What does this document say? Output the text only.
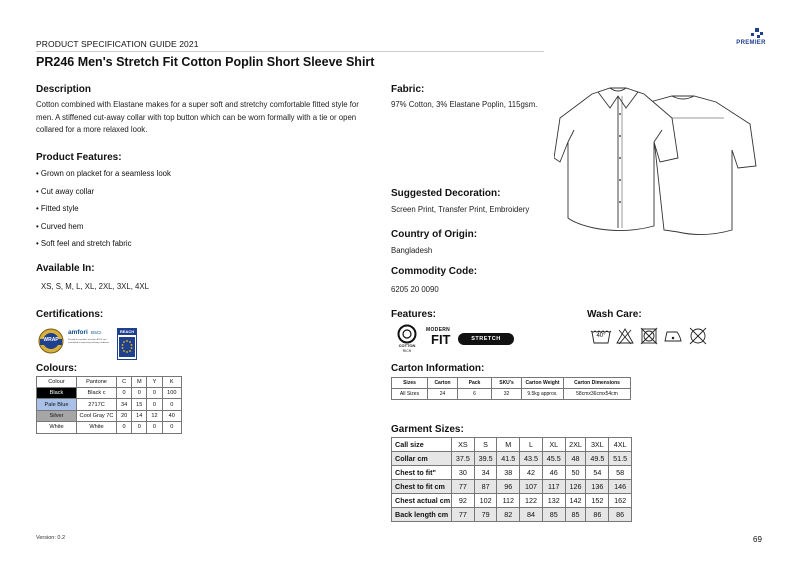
PRODUCT SPECIFICATION GUIDE 2021
PR246 Men's Stretch Fit Cotton Poplin Short Sleeve Shirt
PREMIER
Description
Cotton combined with Elastane makes for a super soft and stretchy comfortable fitted style for men. A stiffened cut-away collar with top button which can be worn formally with a tie or open collared for a more relaxed look.
Product Features:
• Grown on placket for a seamless look
• Cut away collar
• Fitted style
• Curved hem
• Soft feel and stretch fabric
Available In:
XS, S, M, L, XL, 2XL, 3XL, 4XL
Certifications:
WRAP
amfori BSCI
Proudly for member of amfori BSCI and committed to improving working conditions
REACH
Colours:
Colour	Pantone	C	M	Y	K
Black	Black c	0	0	0	100
Pale Blue	2717C	34	15	0	0
Silver	Cool Gray 7C	20	14	12	40
White	White	0	0	0	0
Fabric:
97% Cotton, 3% Elastane Poplin, 115gsm.
Suggested Decoration:
Screen Print, Transfer Print, Embroidery
Country of Origin:
Bangladesh
Commodity Code:
6205 20 0090
Features:
COTTON
RICH
MODERN
FIT	STRETCH
Wash Care:
40°
Carton Information:
Sizes	Carton	Pack	SKU's	Carton Weight	Carton Dimensions
All Sizes	24	6	32	9.5kg approx.	58cmx36cmx54cm
Garment Sizes:
Call size	XS	S	M	L	XL	2XL	3XL	4XL
Collar cm	37.5	39.5	41.5	43.5	45.5	48	49.5	51.5
Chest to fit"	30	34	38	42	46	50	54	58
Chest to fit cm	77	87	96	107	117	126	136	146
Chest actual cm	92	102	112	122	132	142	152	162
Back length cm	77	79	82	84	85	85	86	86
Version: 0.2	69
